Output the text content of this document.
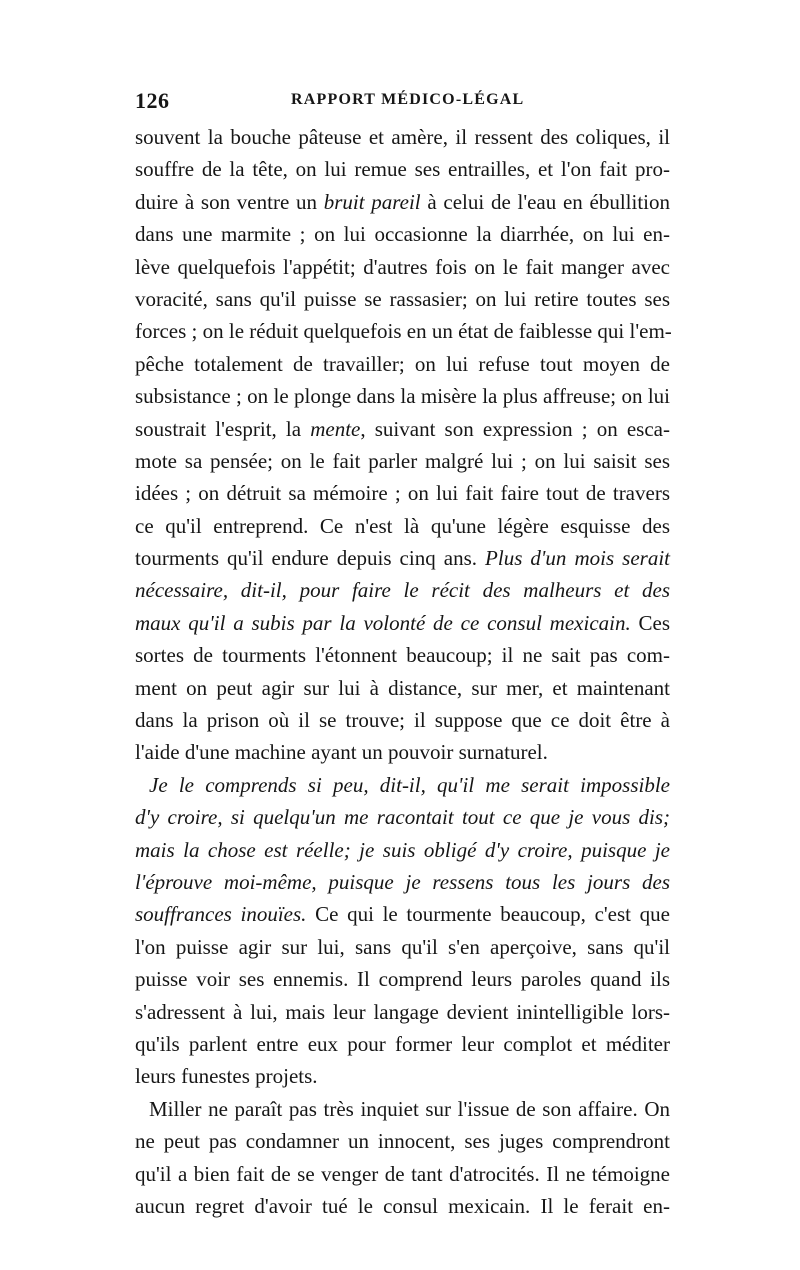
126	RAPPORT MÉDICO-LÉGAL
souvent la bouche pâteuse et amère, il ressent des coliques, il
souffre de la tête, on lui remue ses entrailles, et l'on fait pro-
duire à son ventre un bruit pareil à celui de l'eau en ébullition
dans une marmite ; on lui occasionne la diarrhée, on lui en-
lève quelquefois l'appétit; d'autres fois on le fait manger avec
voracité, sans qu'il puisse se rassasier; on lui retire toutes ses
forces ; on le réduit quelquefois en un état de faiblesse qui l'em-
pêche totalement de travailler; on lui refuse tout moyen de
subsistance ; on le plonge dans la misère la plus affreuse; on lui
soustrait l'esprit, la mente, suivant son expression ; on esca-
mote sa pensée; on le fait parler malgré lui ; on lui saisit ses
idées ; on détruit sa mémoire ; on lui fait faire tout de travers
ce qu'il entreprend. Ce n'est là qu'une légère esquisse des
tourments qu'il endure depuis cinq ans. Plus d'un mois serait
nécessaire, dit-il, pour faire le récit des malheurs et des
maux qu'il a subis par la volonté de ce consul mexicain. Ces
sortes de tourments l'étonnent beaucoup; il ne sait pas com-
ment on peut agir sur lui à distance, sur mer, et maintenant
dans la prison où il se trouve; il suppose que ce doit être à
l'aide d'une machine ayant un pouvoir surnaturel.
Je le comprends si peu, dit-il, qu'il me serait impossible
d'y croire, si quelqu'un me racontait tout ce que je vous dis;
mais la chose est réelle; je suis obligé d'y croire, puisque je
l'éprouve moi-même, puisque je ressens tous les jours des
souffrances inouïes. Ce qui le tourmente beaucoup, c'est que
l'on puisse agir sur lui, sans qu'il s'en aperçoive, sans qu'il
puisse voir ses ennemis. Il comprend leurs paroles quand ils
s'adressent à lui, mais leur langage devient inintelligible lors-
qu'ils parlent entre eux pour former leur complot et méditer
leurs funestes projets.
Miller ne paraît pas très inquiet sur l'issue de son affaire. On
ne peut pas condamner un innocent, ses juges comprendront
qu'il a bien fait de se venger de tant d'atrocités. Il ne témoigne
aucun regret d'avoir tué le consul mexicain. Il le ferait en-
